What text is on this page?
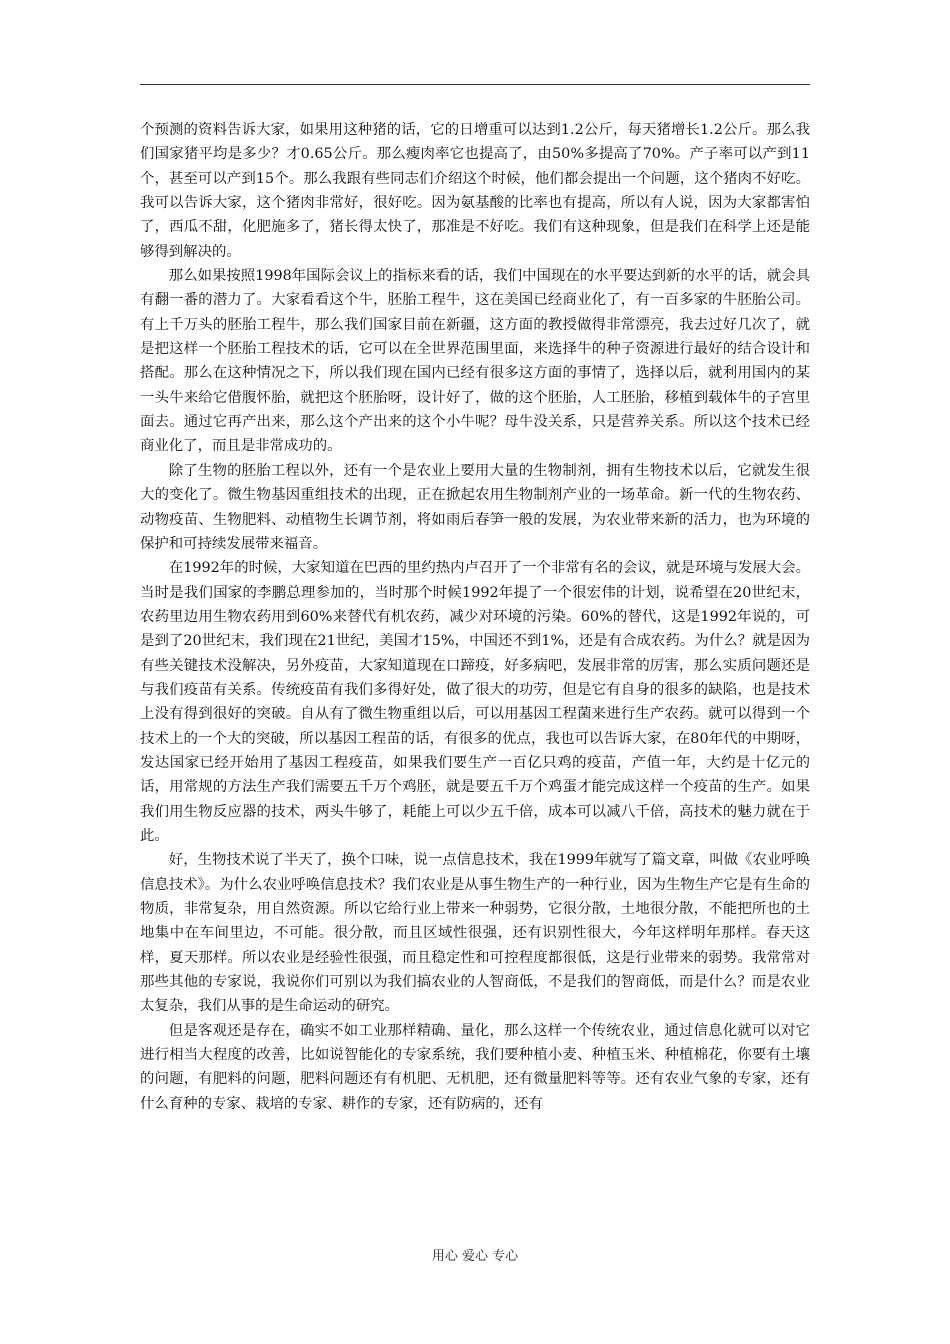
个预测的资料告诉大家，如果用这种猪的话，它的日增重可以达到1.2公斤，每天猪增长1.2公斤。那么我们国家猪平均是多少？才0.65公斤。那么瘦肉率它也提高了，由50%多提高了70%。产子率可以产到11个，甚至可以产到15个。那么我跟有些同志们介绍这个时候，他们都会提出一个问题，这个猪肉不好吃。我可以告诉大家，这个猪肉非常好，很好吃。因为氨基酸的比率也有提高，所以有人说，因为大家都害怕了，西瓜不甜，化肥施多了，猪长得太快了，那准是不好吃。我们有这种现象，但是我们在科学上还是能够得到解决的。

那么如果按照1998年国际会议上的指标来看的话，我们中国现在的水平要达到新的水平的话，就会具有翻一番的潜力了。大家看看这个牛，胚胎工程牛，这在美国已经商业化了，有一百多家的牛胚胎公司。有上千万头的胚胎工程牛，那么我们国家目前在新疆，这方面的教授做得非常漂亮，我去过好几次了，就是把这样一个胚胎工程技术的话，它可以在全世界范围里面，来选择牛的种子资源进行最好的结合设计和搭配。那么在这种情况之下，所以我们现在国内已经有很多这方面的事情了，选择以后，就利用国内的某一头牛来给它借腹怀胎，就把这个胚胎呀，设计好了，做的这个胚胎，人工胚胎，移植到载体牛的子宫里面去。通过它再产出来，那么这个产出来的这个小牛呢？母牛没关系，只是营养关系。所以这个技术已经商业化了，而且是非常成功的。

除了生物的胚胎工程以外，还有一个是农业上要用大量的生物制剂，拥有生物技术以后，它就发生很大的变化了。微生物基因重组技术的出现，正在掀起农用生物制剂产业的一场革命。新一代的生物农药、动物疫苗、生物肥料、动植物生长调节剂，将如雨后春笋一般的发展，为农业带来新的活力，也为环境的保护和可持续发展带来福音。

在1992年的时候，大家知道在巴西的里约热内卢召开了一个非常有名的会议，就是环境与发展大会。当时是我们国家的李鹏总理参加的，当时那个时候1992年提了一个很宏伟的计划，说希望在20世纪末，农药里边用生物农药用到60%来替代有机农药，减少对环境的污染。60%的替代，这是1992年说的，可是到了20世纪末，我们现在21世纪，美国才15%，中国还不到1%，还是有合成农药。为什么？就是因为有些关键技术没解决，另外疫苗，大家知道现在口蹄疫，好多病吧，发展非常的厉害，那么实质问题还是与我们疫苗有关系。传统疫苗有我们多得好处，做了很大的功劳，但是它有自身的很多的缺陷，也是技术上没有得到很好的突破。自从有了微生物重组以后，可以用基因工程菌来进行生产农药。就可以得到一个技术上的一个大的突破，所以基因工程苗的话，有很多的优点，我也可以告诉大家，在80年代的中期呀，发达国家已经开始用了基因工程疫苗，如果我们要生产一百亿只鸡的疫苗，产值一年，大约是十亿元的话，用常规的方法生产我们需要五千万个鸡胚，就是要五千万个鸡蛋才能完成这样一个疫苗的生产。如果我们用生物反应器的技术，两头牛够了，耗能上可以少五千倍，成本可以减八千倍，高技术的魅力就在于此。

好，生物技术说了半天了，换个口味，说一点信息技术，我在1999年就写了篇文章，叫做《农业呼唤信息技术》。为什么农业呼唤信息技术？我们农业是从事生物生产的一种行业，因为生物生产它是有生命的物质，非常复杂，用自然资源。所以它给行业上带来一种弱势，它很分散，土地很分散，不能把所也的土地集中在车间里边，不可能。很分散，而且区域性很强，还有识别性很大，今年这样明年那样。春天这样，夏天那样。所以农业是经验性很强，而且稳定性和可控程度都很低，这是行业带来的弱势。我常常对那些其他的专家说，我说你们可别以为我们搞农业的人智商低，不是我们的智商低，而是什么？而是农业太复杂，我们从事的是生命运动的研究。

但是客观还是存在，确实不如工业那样精确、量化，那么这样一个传统农业，通过信息化就可以对它进行相当大程度的改善，比如说智能化的专家系统，我们要种植小麦、种植玉米、种植棉花，你要有土壤的问题，有肥料的问题，肥料问题还有有机肥、无机肥，还有微量肥料等等。还有农业气象的专家，还有什么育种的专家、栽培的专家、耕作的专家，还有防病的，还有

用心 爱心 专心
